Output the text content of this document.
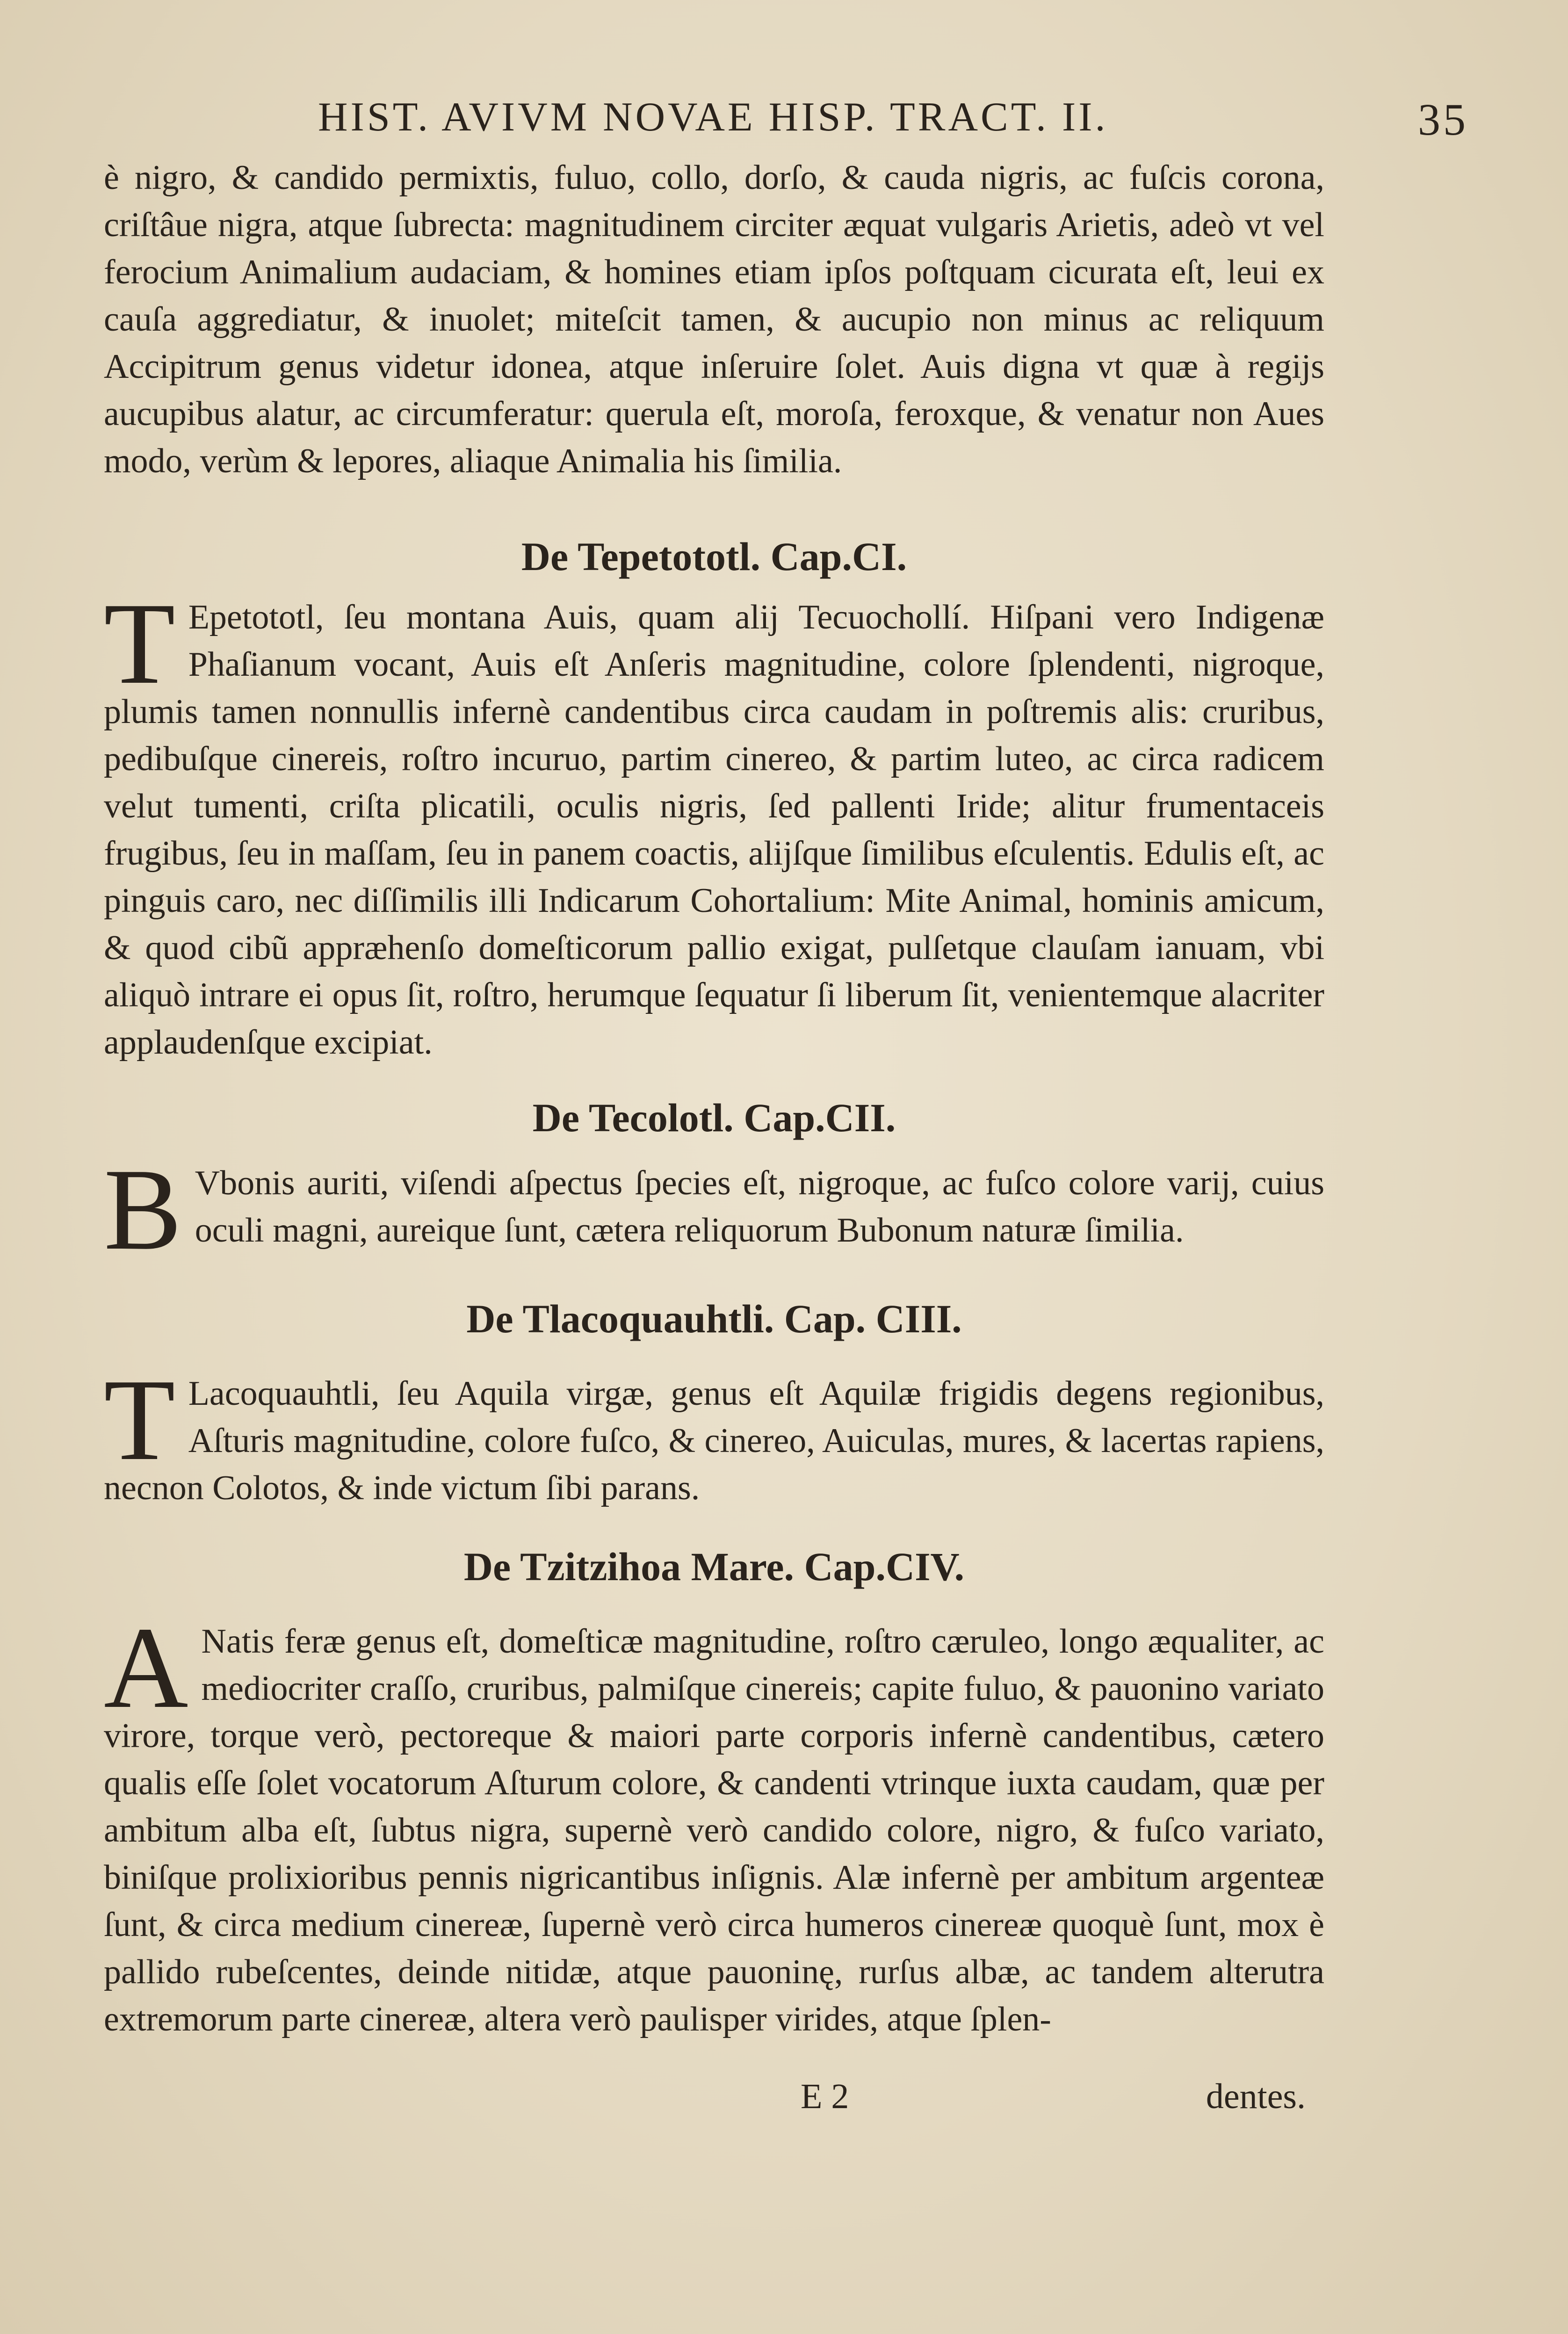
HIST. AVIVM NOVAE HISP. TRACT. II.	35
è nigro, & candido permixtis, fuluo, collo, dorſo, & cauda nigris, ac fuſcis corona, criſtâue nigra, atque ſubrecta: magnitudinem circiter æquat vulgaris Arietis, adeò vt vel ferocium Animalium audaciam, & homines etiam ipſos poſtquam cicurata eſt, leui ex cauſa aggrediatur, & inuolet; miteſcit tamen, & aucupio non minus ac reliquum Accipitrum genus videtur idonea, atque inſeruire ſolet. Auis digna vt quæ à regijs aucupibus alatur, ac circumferatur: querula eſt, moroſa, feroxque, & venatur non Aues modo, verùm & lepores, aliaque Animalia his ſimilia.
De Tepetototl. Cap.CI.
T Epetototl, ſeu montana Auis, quam alij Tecuochollí. Hiſpani vero Indigenæ Phaſianum vocant, Auis eſt Anſeris magnitudine, colore ſplendenti, nigroque, plumis tamen nonnullis infernè candentibus circa caudam in poſtremis alis: cruribus, pedibuſque cinereis, roſtro incuruo, partim cinereo, & partim luteo, ac circa radicem velut tumenti, criſta plicatili, oculis nigris, ſed pallenti Iride; alitur frumentaceis frugibus, ſeu in maſſam, ſeu in panem coactis, alijſque ſimilibus eſculentis. Edulis eſt, ac pinguis caro, nec diſſimilis illi Indicarum Cohortalium: Mite Animal, hominis amicum, & quod cibũ appræhenſo domeſticorum pallio exigat, pulſetque clauſam ianuam, vbi aliquò intrare ei opus ſit, roſtro, herumque ſequatur ſi liberum ſit, venientemque alacriter applaudenſque excipiat.
De Tecolotl. Cap.CII.
B Vbonis auriti, viſendi aſpectus ſpecies eſt, nigroque, ac fuſco colore varij, cuius oculi magni, aureique ſunt, cætera reliquorum Bubonum naturæ ſimilia.
De Tlacoquauhtli. Cap. CIII.
T Lacoquauhtli, ſeu Aquila virgæ, genus eſt Aquilæ frigidis degens regionibus, Aſturis magnitudine, colore fuſco, & cinereo, Auiculas, mures, & lacertas rapiens, necnon Colotos, & inde victum ſibi parans.
De Tzitzihoa Mare. Cap.CIV.
A Natis feræ genus eſt, domeſticæ magnitudine, roſtro cæruleo, longo æqualiter, ac mediocriter craſſo, cruribus, palmiſque cinereis; capite fuluo, & pauonino variato virore, torque verò, pectoreque & maiori parte corporis infernè candentibus, cætero qualis eſſe ſolet vocatorum Aſturum colore, & candenti vtrinque iuxta caudam, quæ per ambitum alba eſt, ſubtus nigra, supernè verò candido colore, nigro, & fuſco variato, biniſque prolixioribus pennis nigricantibus inſignis. Alæ infernè per ambitum argenteæ ſunt, & circa medium cinereæ, ſupernè verò circa humeros cinereæ quoquè ſunt, mox è pallido rubeſcentes, deinde nitidæ, atque pauoninę, rurſus albæ, ac tandem alterutra extremorum parte cinereæ, altera verò paulisper virides, atque ſplen-
E 2	dentes.
